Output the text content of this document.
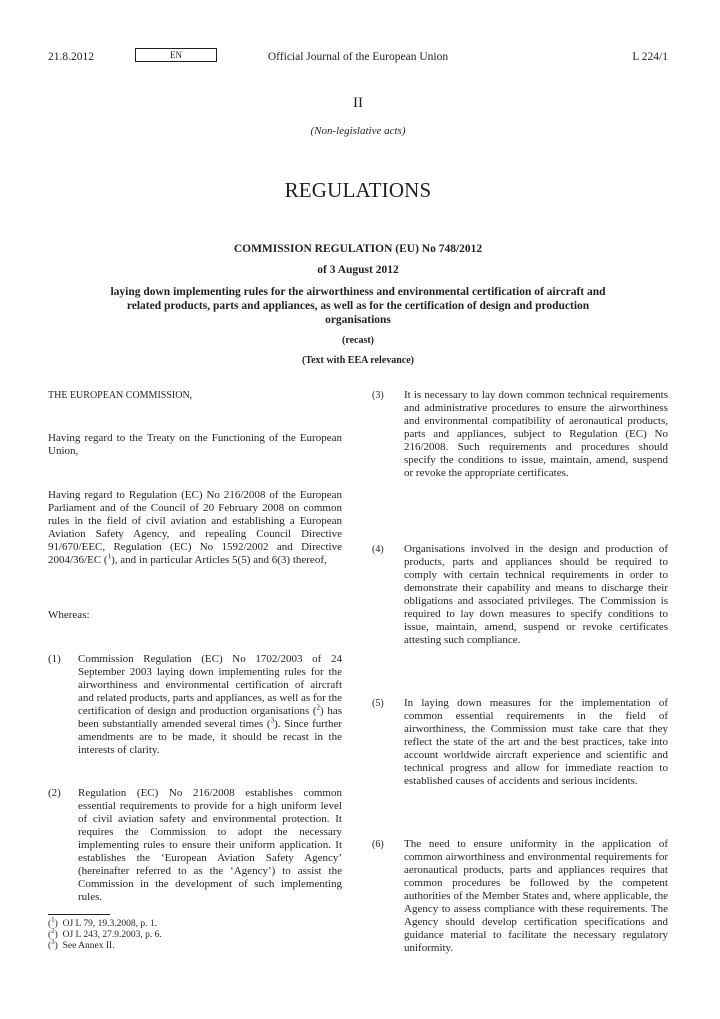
21.8.2012	EN	Official Journal of the European Union	L 224/1
II
(Non-legislative acts)
REGULATIONS
COMMISSION REGULATION (EU) No 748/2012
of 3 August 2012
laying down implementing rules for the airworthiness and environmental certification of aircraft and related products, parts and appliances, as well as for the certification of design and production organisations
(recast)
(Text with EEA relevance)
THE EUROPEAN COMMISSION,
Having regard to the Treaty on the Functioning of the European Union,
Having regard to Regulation (EC) No 216/2008 of the European Parliament and of the Council of 20 February 2008 on common rules in the field of civil aviation and establishing a European Aviation Safety Agency, and repealing Council Directive 91/670/EEC, Regulation (EC) No 1592/2002 and Directive 2004/36/EC ($^1$), and in particular Articles 5(5) and 6(3) thereof,
Whereas:
(1)	Commission Regulation (EC) No 1702/2003 of 24 September 2003 laying down implementing rules for the airworthiness and environmental certification of aircraft and related products, parts and appliances, as well as for the certification of design and production organisations ($^2$) has been substantially amended several times ($^3$). Since further amendments are to be made, it should be recast in the interests of clarity.
(2)	Regulation (EC) No 216/2008 establishes common essential requirements to provide for a high uniform level of civil aviation safety and environmental protection. It requires the Commission to adopt the necessary implementing rules to ensure their uniform application. It establishes the ‘European Aviation Safety Agency’ (hereinafter referred to as the ‘Agency’) to assist the Commission in the development of such implementing rules.
($^1$)  OJ L 79, 19.3.2008, p. 1.
($^2$)  OJ L 243, 27.9.2003, p. 6.
($^3$)  See Annex II.
(3)	It is necessary to lay down common technical requirements and administrative procedures to ensure the airworthiness and environmental compatibility of aeronautical products, parts and appliances, subject to Regulation (EC) No 216/2008. Such requirements and procedures should specify the conditions to issue, maintain, amend, suspend or revoke the appropriate certificates.
(4)	Organisations involved in the design and production of products, parts and appliances should be required to comply with certain technical requirements in order to demonstrate their capability and means to discharge their obligations and associated privileges. The Commission is required to lay down measures to specify conditions to issue, maintain, amend, suspend or revoke certificates attesting such compliance.
(5)	In laying down measures for the implementation of common essential requirements in the field of airworthiness, the Commission must take care that they reflect the state of the art and the best practices, take into account worldwide aircraft experience and scientific and technical progress and allow for immediate reaction to established causes of accidents and serious incidents.
(6)	The need to ensure uniformity in the application of common airworthiness and environmental requirements for aeronautical products, parts and appliances requires that common procedures be followed by the competent authorities of the Member States and, where applicable, the Agency to assess compliance with these requirements. The Agency should develop certification specifications and guidance material to facilitate the necessary regulatory uniformity.
